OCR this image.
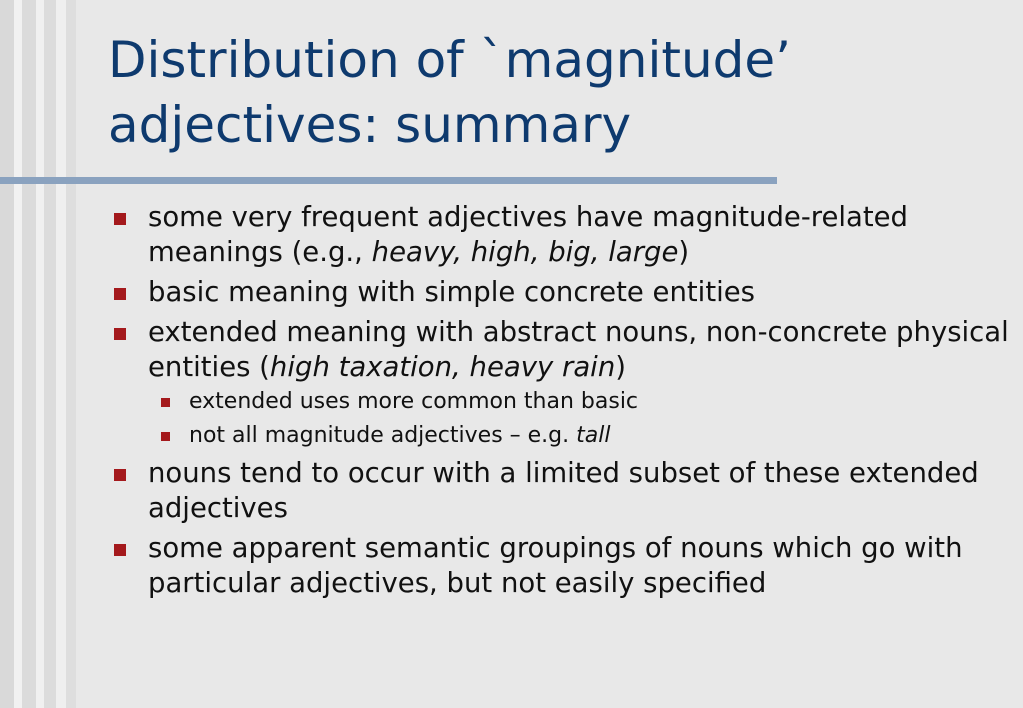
Distribution of `magnitude’
adjectives: summary
some very frequent adjectives have magnitude-related meanings (e.g., heavy, high, big, large)
basic meaning with simple concrete entities
extended meaning with abstract nouns, non-concrete physical entities (high taxation, heavy rain)
extended uses more common than basic
not all magnitude adjectives – e.g. tall
nouns tend to occur with a limited subset of these extended adjectives
some apparent semantic groupings of nouns which go with particular adjectives, but not easily specified
